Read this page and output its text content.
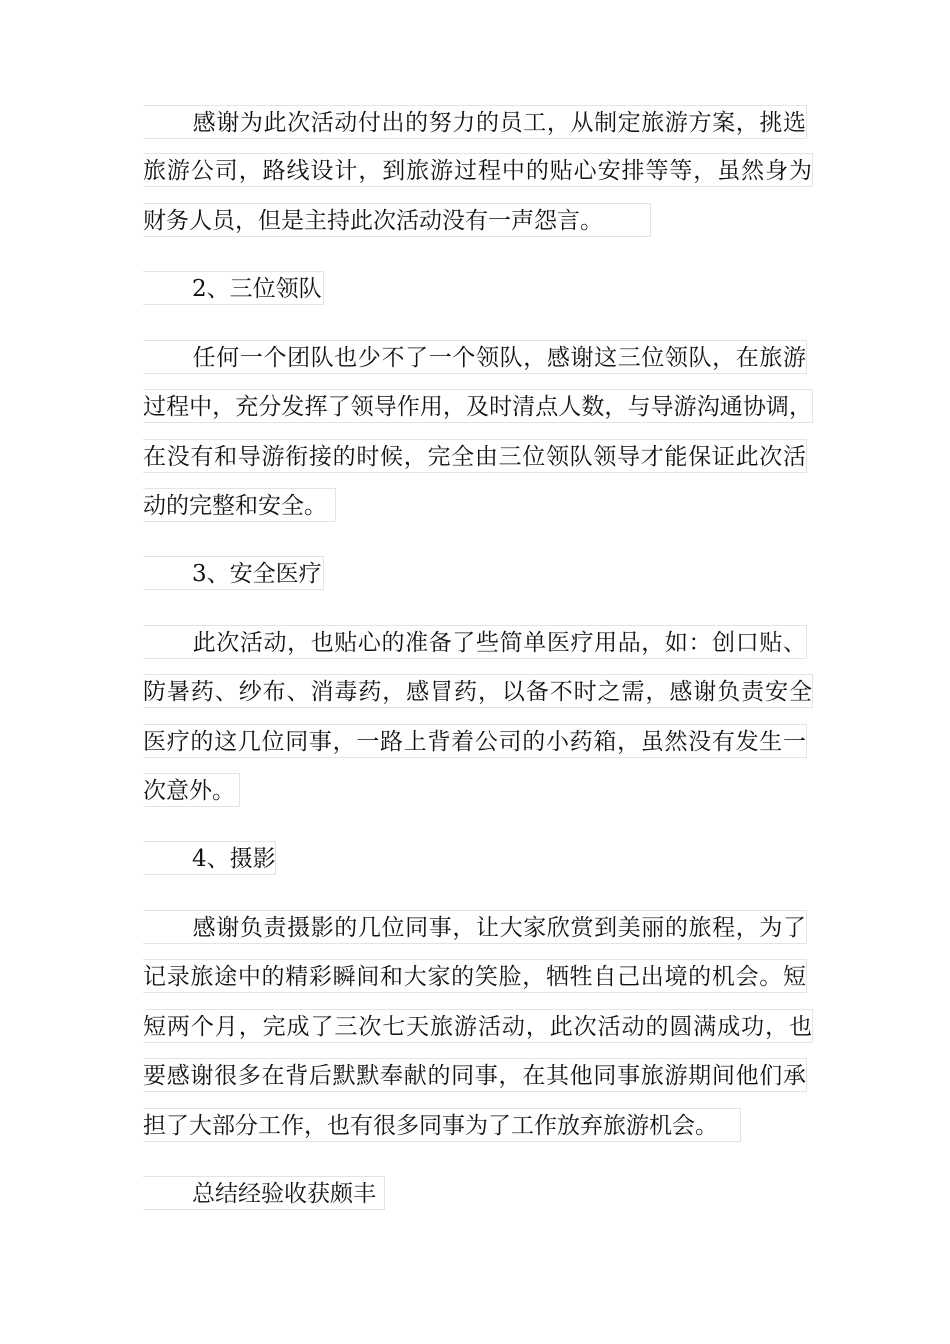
感谢为此次活动付出的努力的员工，从制定旅游方案，挑选
旅游公司，路线设计，到旅游过程中的贴心安排等等，虽然身为
财务人员，但是主持此次活动没有一声怨言。
2、三位领队
任何一个团队也少不了一个领队，感谢这三位领队，在旅游
过程中，充分发挥了领导作用，及时清点人数，与导游沟通协调，
在没有和导游衔接的时候，完全由三位领队领导才能保证此次活
动的完整和安全。
3、安全医疗
此次活动，也贴心的准备了些简单医疗用品，如：创口贴、
防暑药、纱布、消毒药，感冒药，以备不时之需，感谢负责安全
医疗的这几位同事，一路上背着公司的小药箱，虽然没有发生一
次意外。
4、摄影
感谢负责摄影的几位同事，让大家欣赏到美丽的旅程，为了
记录旅途中的精彩瞬间和大家的笑脸，牺牲自己出境的机会。短
短两个月，完成了三次七天旅游活动，此次活动的圆满成功，也
要感谢很多在背后默默奉献的同事，在其他同事旅游期间他们承
担了大部分工作，也有很多同事为了工作放弃旅游机会。
总结经验收获颇丰
